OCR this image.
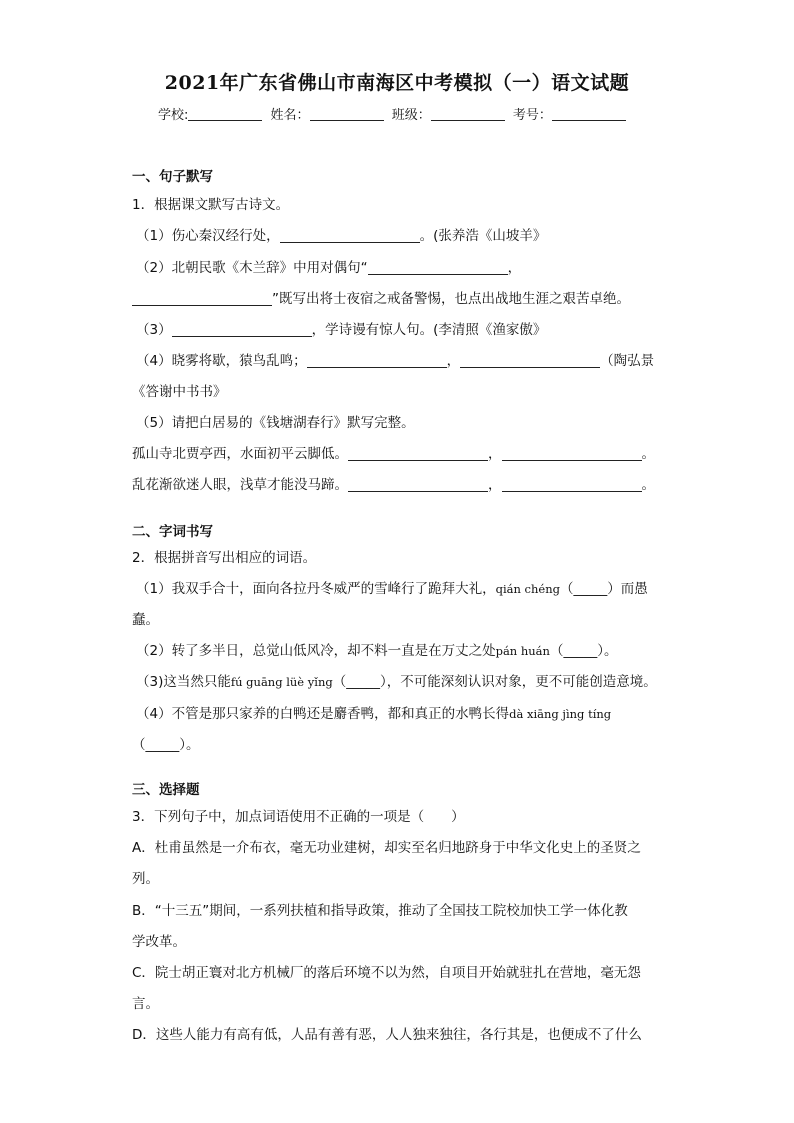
2021年广东省佛山市南海区中考模拟（一）语文试题
学校:	姓名：	班级：	考号：
一、句子默写
1．根据课文默写古诗文。
（1）伤心秦汉经行处，	。(张养浩《山坡羊》
（2）北朝民歌《木兰辞》中用对偶句“	，
”既写出将士夜宿之戒备警惕，也点出战地生涯之艰苦卓绝。
（3）	，学诗谩有惊人句。(李清照《渔家傲》
（4）晓雾将歇，猿鸟乱鸣；	，	（陶弘景
《答谢中书书》
（5）请把白居易的《钱塘湖春行》默写完整。
孤山寺北贾亭西，水面初平云脚低。	，	。
乱花渐欲迷人眼，浅草才能没马蹄。	，	。
二、字词书写
2．根据拼音写出相应的词语。
（1）我双手合十，面向各拉丹冬威严的雪峰行了跪拜大礼，qián chéng（_____）而愚
蠢。
（2）转了多半日，总觉山低风冷，却不料一直是在万丈之处pán huán（_____）。
（3)这当然只能fú guāng lüè yǐng（_____），不可能深刻认识对象，更不可能创造意境。
（4）不管是那只家养的白鸭还是麝香鸭，都和真正的水鸭长得dà xiāng jìng tíng
（_____）。
三、选择题
3．下列句子中，加点词语使用不正确的一项是（　　）
A．杜甫虽然是一介布衣，毫无功业建树，却实至名归地跻身于中华文化史上的圣贤之
列。
B．“十三五”期间，一系列扶植和指导政策，推动了全国技工院校加快工学一体化教
学改革。
C．院士胡正寰对北方机械厂的落后环境不以为然，自项目开始就驻扎在营地，毫无怨
言。
D．这些人能力有高有低，人品有善有恶，人人独来独往，各行其是，也便成不了什么
